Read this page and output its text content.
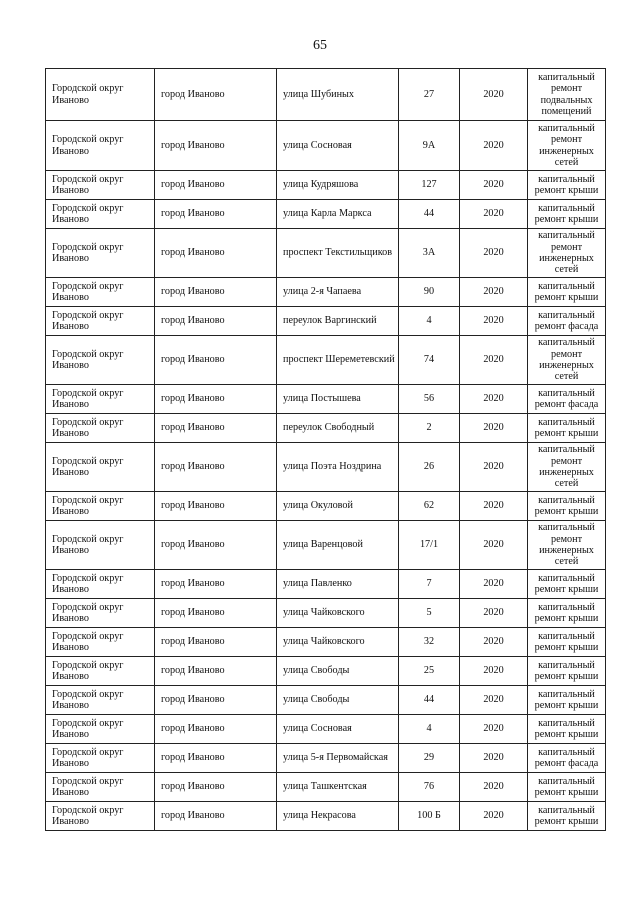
65
Городской округ Иваново	город Иваново	улица Шубиных	27	2020	капитальный ремонт подвальных помещений
Городской округ Иваново	город Иваново	улица Сосновая	9А	2020	капитальный ремонт инженерных сетей
Городской округ Иваново	город Иваново	улица Кудряшова	127	2020	капитальный ремонт крыши
Городской округ Иваново	город Иваново	улица Карла Маркса	44	2020	капитальный ремонт крыши
Городской округ Иваново	город Иваново	проспект Текстильщиков	3А	2020	капитальный ремонт инженерных сетей
Городской округ Иваново	город Иваново	улица 2-я Чапаева	90	2020	капитальный ремонт крыши
Городской округ Иваново	город Иваново	переулок Варгинский	4	2020	капитальный ремонт фасада
Городской округ Иваново	город Иваново	проспект Шереметевский	74	2020	капитальный ремонт инженерных сетей
Городской округ Иваново	город Иваново	улица Постышева	56	2020	капитальный ремонт фасада
Городской округ Иваново	город Иваново	переулок Свободный	2	2020	капитальный ремонт крыши
Городской округ Иваново	город Иваново	улица Поэта Ноздрина	26	2020	капитальный ремонт инженерных сетей
Городской округ Иваново	город Иваново	улица Окуловой	62	2020	капитальный ремонт крыши
Городской округ Иваново	город Иваново	улица Варенцовой	17/1	2020	капитальный ремонт инженерных сетей
Городской округ Иваново	город Иваново	улица Павленко	7	2020	капитальный ремонт крыши
Городской округ Иваново	город Иваново	улица Чайковского	5	2020	капитальный ремонт крыши
Городской округ Иваново	город Иваново	улица Чайковского	32	2020	капитальный ремонт крыши
Городской округ Иваново	город Иваново	улица Свободы	25	2020	капитальный ремонт крыши
Городской округ Иваново	город Иваново	улица Свободы	44	2020	капитальный ремонт крыши
Городской округ Иваново	город Иваново	улица Сосновая	4	2020	капитальный ремонт крыши
Городской округ Иваново	город Иваново	улица 5-я Первомайская	29	2020	капитальный ремонт фасада
Городской округ Иваново	город Иваново	улица Ташкентская	76	2020	капитальный ремонт крыши
Городской округ Иваново	город Иваново	улица Некрасова	100 Б	2020	капитальный ремонт крыши
